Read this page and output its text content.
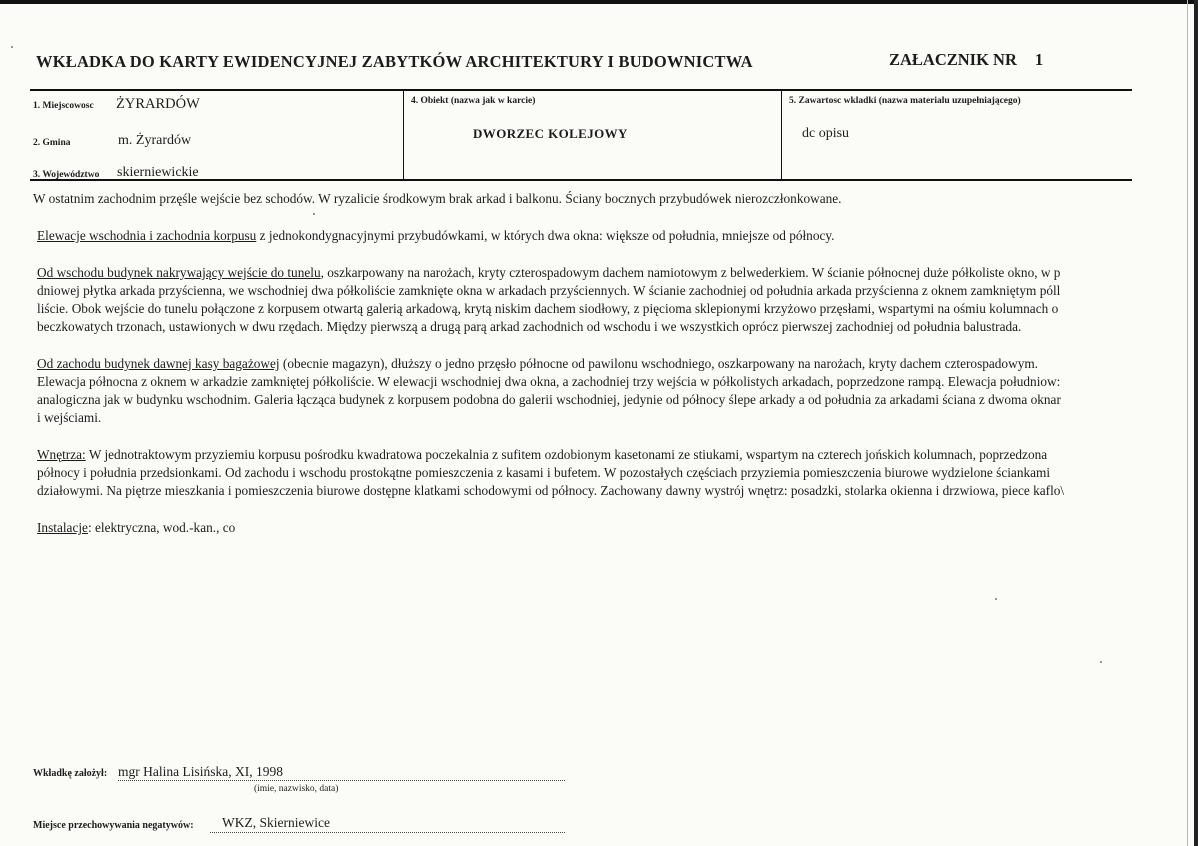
WKŁADKA DO KARTY EWIDENCYJNEJ ZABYTKÓW ARCHITEKTURY I BUDOWNICTWA	ZAŁACZNIK NR 1
1. Miejscowosc ŻYRARDÓW
2. Gmina	m. Żyrardów
3. Województwo skierniewickie
4. Obiekt (nazwa jak w karcie)
DWORZEC KOLEJOWY
5. Zawartosc wkladki (nazwa materialu uzupełniającego)
dc opisu

W ostatnim zachodnim przęśle wejście bez schodów. W ryzalicie środkowym brak arkad i balkonu. Ściany bocznych przybudówek nierozczłonkowane.

Elewacje wschodnia i zachodnia korpusu z jednokondygnacyjnymi przybudówkami, w których dwa okna: większe od południa, mniejsze od północy.

Od wschodu budynek nakrywający wejście do tunelu, oszkarpowany na narożach, kryty czterospadowym dachem namiotowym z belwederkiem. W ścianie północnej duże półkoliste okno, w p
dniowej płytka arkada przyścienna, we wschodniej dwa półkoliście zamknięte okna w arkadach przyściennych. W ścianie zachodniej od południa arkada przyścienna z oknem zamkniętym póll
liście. Obok wejście do tunelu połączone z korpusem otwartą galerią arkadową, krytą niskim dachem siodłowy, z pięcioma sklepionymi krzyżowo przęsłami, wspartymi na ośmiu kolumnach o
beczkowatych trzonach, ustawionych w dwu rzędach. Między pierwszą a drugą parą arkad zachodnich od wschodu i we wszystkich oprócz pierwszej zachodniej od południa balustrada.
Od zachodu budynek dawnej kasy bagażowej (obecnie magazyn), dłuższy o jedno przęsło północne od pawilonu wschodniego, oszkarpowany na narożach, kryty dachem czterospadowym.
Elewacja północna z oknem w arkadzie zamkniętej półkoliście. W elewacji wschodniej dwa okna, a zachodniej trzy wejścia w półkolistych arkadach, poprzedzone rampą. Elewacja południow:
analogiczna jak w budynku wschodnim. Galeria łącząca budynek z korpusem podobna do galerii wschodniej, jedynie od północy ślepe arkady a od południa za arkadami ściana z dwoma oknar
i wejściami.
Wnętrza: W jednotraktowym przyziemiu korpusu pośrodku kwadratowa poczekalnia z sufitem ozdobionym kasetonami ze stiukami, wspartym na czterech jońskich kolumnach, poprzedzona
północy i południa przedsionkami. Od zachodu i wschodu prostokątne pomieszczenia z kasami i bufetem. W pozostałych częściach przyziemia pomieszczenia biurowe wydzielone ściankami
działowymi. Na piętrze mieszkania i pomieszczenia biurowe dostępne klatkami schodowymi od północy. Zachowany dawny wystrój wnętrz: posadzki, stolarka okienna i drzwiowa, piece kaflo\

Instalacje: elektryczna, wod.-kan., co

Wkładkę założył: mgr Halina Lisińska, XI, 1998
(imie, nazwisko, data)
Miejsce przechowywania negatywów: WKZ, Skierniewice
